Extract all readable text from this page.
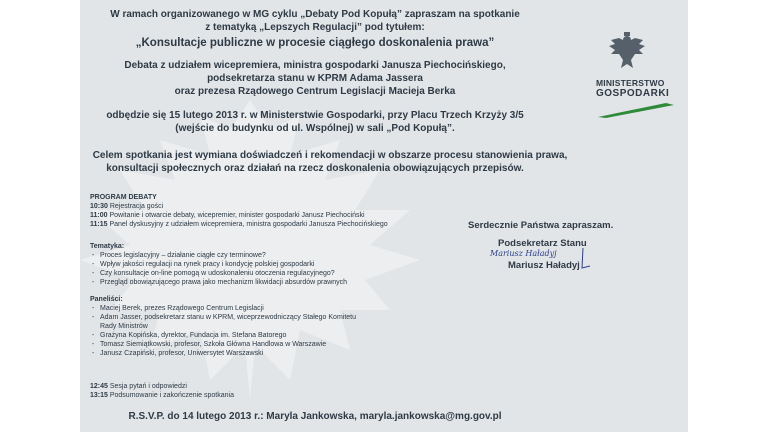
W ramach organizowanego w MG cyklu „Debaty Pod Kopułą” zapraszam na spotkanie
z tematyką „Lepszych Regulacji” pod tytułem:
„Konsultacje publiczne w procesie ciągłego doskonalenia prawa”
Debata z udziałem wicepremiera, ministra gospodarki Janusza Piechocińskiego,
podsekretarza stanu w KPRM Adama Jassera
oraz prezesa Rządowego Centrum Legislacji Macieja Berka
odbędzie się 15 lutego 2013 r. w Ministerstwie Gospodarki, przy Placu Trzech Krzyży 3/5
(wejście do budynku od ul. Wspólnej) w sali „Pod Kopułą”.
Celem spotkania jest wymiana doświadczeń i rekomendacji w obszarze procesu stanowienia prawa,
konsultacji społecznych oraz działań na rzecz doskonalenia obowiązujących przepisów.
MINISTERSTWO
GOSPODARKI
PROGRAM DEBATY
10:30 Rejestracja gości
11:00 Powitanie i otwarcie debaty, wicepremier, minister gospodarki Janusz Piechociński
11:15 Panel dyskusyjny z udziałem wicepremiera, ministra gospodarki Janusza Piechocińskiego
Tematyka:
- Proces legislacyjny – działanie ciągłe czy terminowe?
- Wpływ jakości regulacji na rynek pracy i kondycję polskiej gospodarki
- Czy konsultacje on-line pomogą w udoskonaleniu otoczenia regulacyjnego?
- Przegląd obowiązującego prawa jako mechanizm likwidacji absurdów prawnych
Paneliści:
- Maciej Berek, prezes Rządowego Centrum Legislacji
- Adam Jasser, podsekretarz stanu w KPRM, wiceprzewodniczący Stałego Komitetu
Rady Ministrów
- Grażyna Kopińska, dyrektor, Fundacja im. Stefana Batorego
- Tomasz Siemiątkowski, profesor, Szkoła Główna Handlowa w Warszawie
- Janusz Czapiński, profesor, Uniwersytet Warszawski
12:45 Sesja pytań i odpowiedzi
13:15 Podsumowanie i zakończenie spotkania
Serdecznie Państwa zapraszam.
Podsekretarz Stanu
Mariusz Haładyj
Mariusz Haładyj
R.S.V.P. do 14 lutego 2013 r.: Maryla Jankowska, maryla.jankowska@mg.gov.pl
